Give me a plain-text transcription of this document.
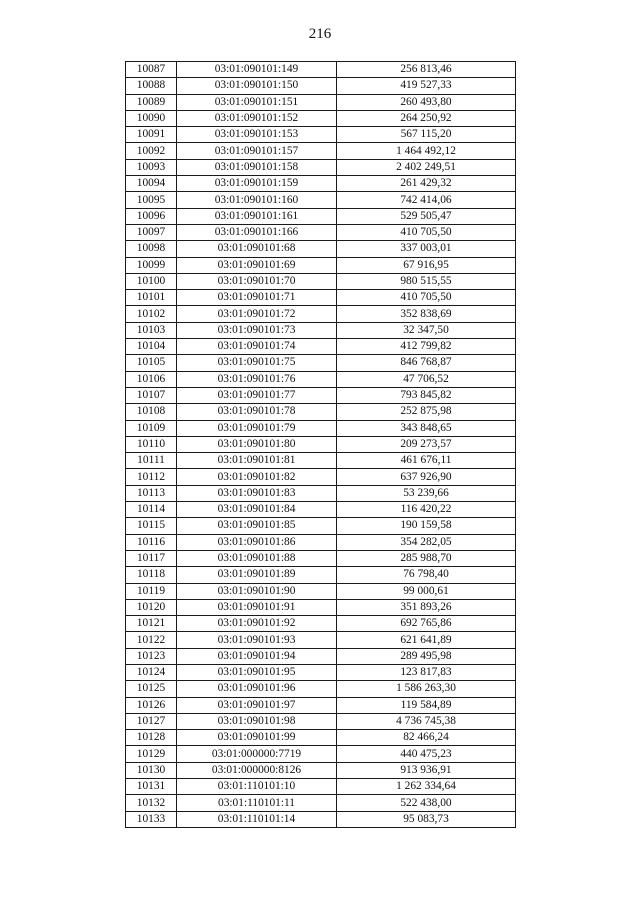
216
10087	03:01:090101:149	256 813,46
10088	03:01:090101:150	419 527,33
10089	03:01:090101:151	260 493,80
10090	03:01:090101:152	264 250,92
10091	03:01:090101:153	567 115,20
10092	03:01:090101:157	1 464 492,12
10093	03:01:090101:158	2 402 249,51
10094	03:01:090101:159	261 429,32
10095	03:01:090101:160	742 414,06
10096	03:01:090101:161	529 505,47
10097	03:01:090101:166	410 705,50
10098	03:01:090101:68	337 003,01
10099	03:01:090101:69	67 916,95
10100	03:01:090101:70	980 515,55
10101	03:01:090101:71	410 705,50
10102	03:01:090101:72	352 838,69
10103	03:01:090101:73	32 347,50
10104	03:01:090101:74	412 799,82
10105	03:01:090101:75	846 768,87
10106	03:01:090101:76	47 706,52
10107	03:01:090101:77	793 845,82
10108	03:01:090101:78	252 875,98
10109	03:01:090101:79	343 848,65
10110	03:01:090101:80	209 273,57
10111	03:01:090101:81	461 676,11
10112	03:01:090101:82	637 926,90
10113	03:01:090101:83	53 239,66
10114	03:01:090101:84	116 420,22
10115	03:01:090101:85	190 159,58
10116	03:01:090101:86	354 282,05
10117	03:01:090101:88	285 988,70
10118	03:01:090101:89	76 798,40
10119	03:01:090101:90	99 000,61
10120	03:01:090101:91	351 893,26
10121	03:01:090101:92	692 765,86
10122	03:01:090101:93	621 641,89
10123	03:01:090101:94	289 495,98
10124	03:01:090101:95	123 817,83
10125	03:01:090101:96	1 586 263,30
10126	03:01:090101:97	119 584,89
10127	03:01:090101:98	4 736 745,38
10128	03:01:090101:99	82 466,24
10129	03:01:000000:7719	440 475,23
10130	03:01:000000:8126	913 936,91
10131	03:01:110101:10	1 262 334,64
10132	03:01:110101:11	522 438,00
10133	03:01:110101:14	95 083,73
